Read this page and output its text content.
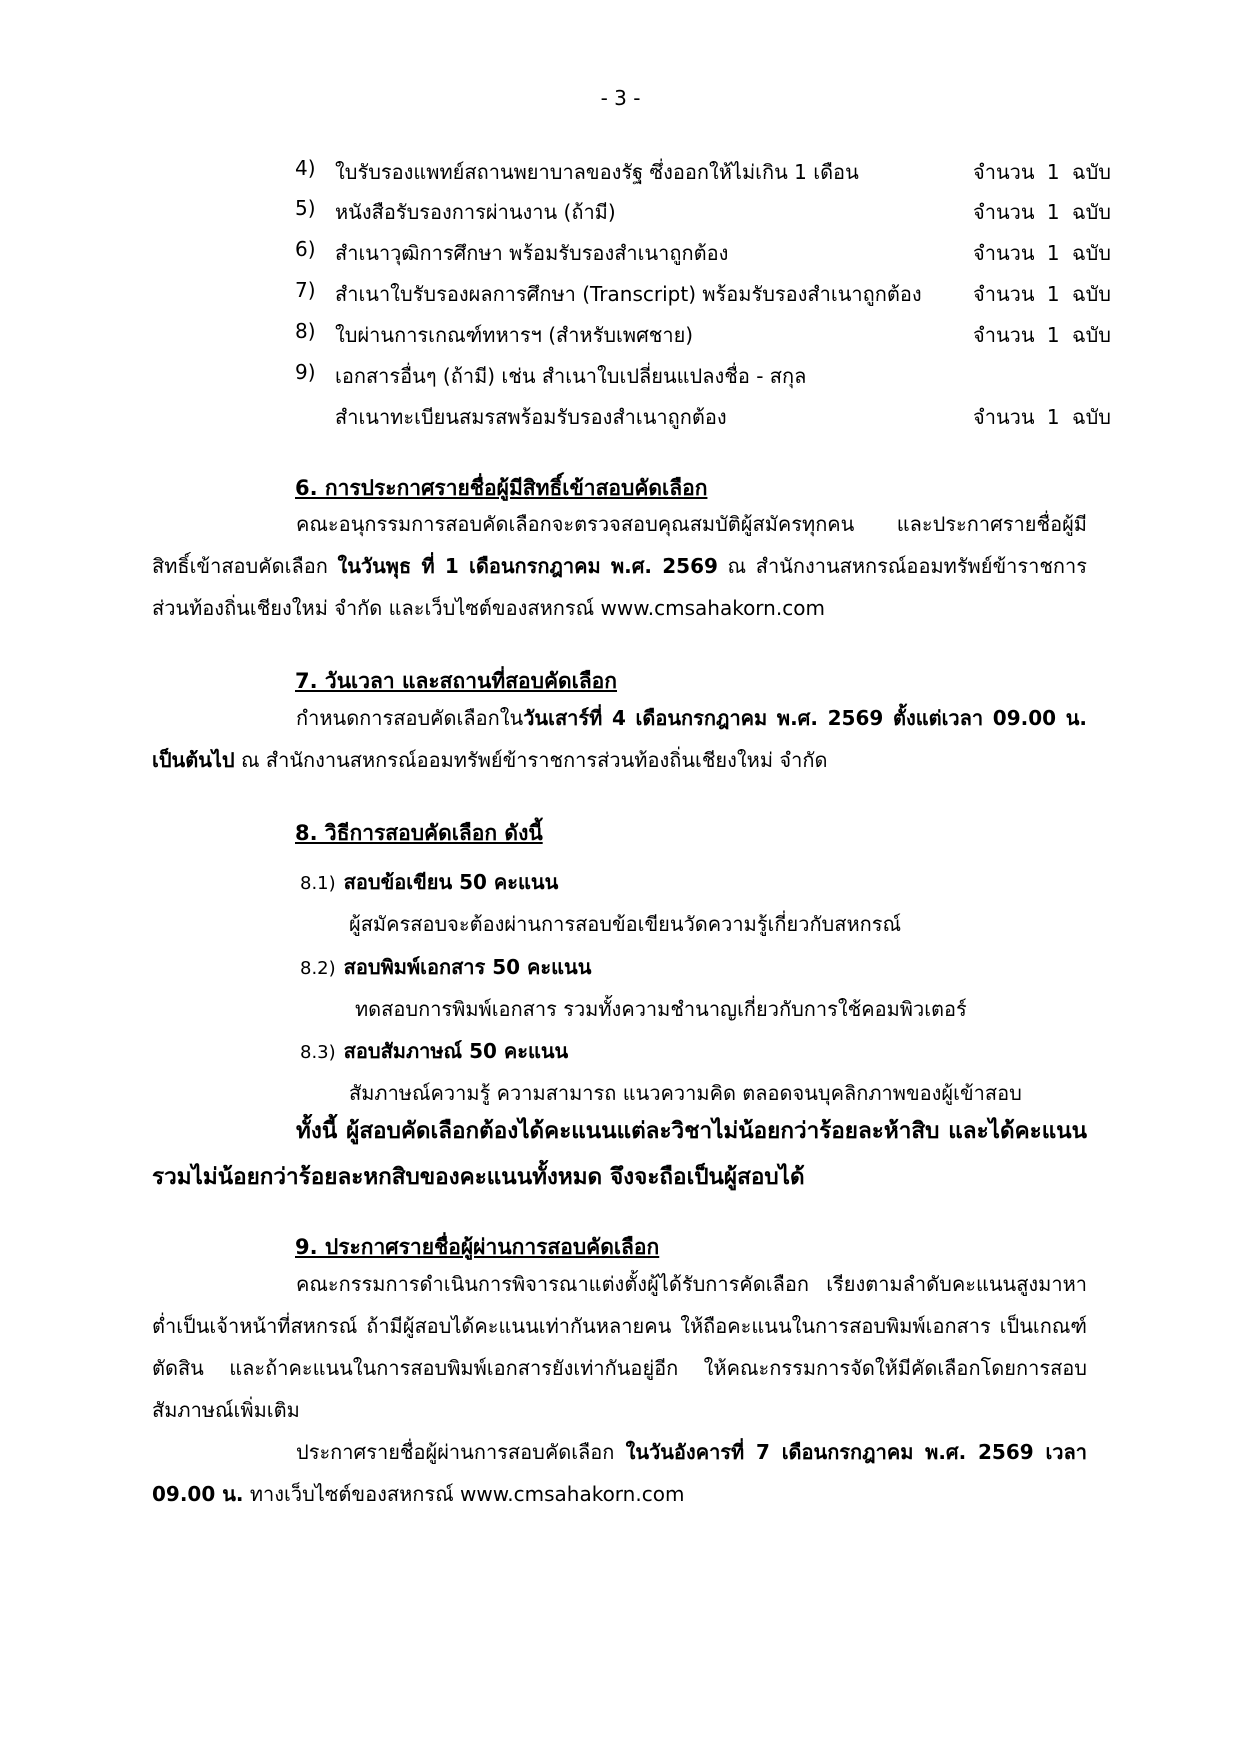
- 3 -
4) ใบรับรองแพทย์สถานพยาบาลของรัฐ ซึ่งออกให้ไม่เกิน 1 เดือน	จำนวน 1 ฉบับ
5) หนังสือรับรองการผ่านงาน (ถ้ามี)	จำนวน 1 ฉบับ
6) สำเนาวุฒิการศึกษา พร้อมรับรองสำเนาถูกต้อง	จำนวน 1 ฉบับ
7) สำเนาใบรับรองผลการศึกษา (Transcript) พร้อมรับรองสำเนาถูกต้อง	จำนวน 1 ฉบับ
8) ใบผ่านการเกณฑ์ทหารฯ (สำหรับเพศชาย)	จำนวน 1 ฉบับ
9) เอกสารอื่นๆ (ถ้ามี) เช่น สำเนาใบเปลี่ยนแปลงชื่อ - สกุล
สำเนาทะเบียนสมรสพร้อมรับรองสำเนาถูกต้อง	จำนวน 1 ฉบับ
6. การประกาศรายชื่อผู้มีสิทธิ์เข้าสอบคัดเลือก
คณะอนุกรรมการสอบคัดเลือกจะตรวจสอบคุณสมบัติผู้สมัครทุกคน และประกาศรายชื่อผู้มีสิทธิ์เข้าสอบคัดเลือก ในวันพุธ ที่ 1 เดือนกรกฎาคม พ.ศ. 2569 ณ สำนักงานสหกรณ์ออมทรัพย์ข้าราชการส่วนท้องถิ่นเชียงใหม่ จำกัด และเว็บไซต์ของสหกรณ์ www.cmsahakorn.com
7. วันเวลา และสถานที่สอบคัดเลือก
กำหนดการสอบคัดเลือกในวันเสาร์ที่ 4 เดือนกรกฎาคม พ.ศ. 2569 ตั้งแต่เวลา 09.00 น. เป็นต้นไป ณ สำนักงานสหกรณ์ออมทรัพย์ข้าราชการส่วนท้องถิ่นเชียงใหม่ จำกัด
8. วิธีการสอบคัดเลือก ดังนี้
8.1) สอบข้อเขียน 50 คะแนน
ผู้สมัครสอบจะต้องผ่านการสอบข้อเขียนวัดความรู้เกี่ยวกับสหกรณ์
8.2) สอบพิมพ์เอกสาร 50 คะแนน
ทดสอบการพิมพ์เอกสาร รวมทั้งความชำนาญเกี่ยวกับการใช้คอมพิวเตอร์
8.3) สอบสัมภาษณ์ 50 คะแนน
สัมภาษณ์ความรู้ ความสามารถ แนวความคิด ตลอดจนบุคลิกภาพของผู้เข้าสอบ
ทั้งนี้ ผู้สอบคัดเลือกต้องได้คะแนนแต่ละวิชาไม่น้อยกว่าร้อยละห้าสิบ และได้คะแนนรวมไม่น้อยกว่าร้อยละหกสิบของคะแนนทั้งหมด จึงจะถือเป็นผู้สอบได้
9. ประกาศรายชื่อผู้ผ่านการสอบคัดเลือก
คณะกรรมการดำเนินการพิจารณาแต่งตั้งผู้ได้รับการคัดเลือก เรียงตามลำดับคะแนนสูงมาหาต่ำเป็นเจ้าหน้าที่สหกรณ์ ถ้ามีผู้สอบได้คะแนนเท่ากันหลายคน ให้ถือคะแนนในการสอบพิมพ์เอกสาร เป็นเกณฑ์ตัดสิน และถ้าคะแนนในการสอบพิมพ์เอกสารยังเท่ากันอยู่อีก ให้คณะกรรมการจัดให้มีคัดเลือกโดยการสอบสัมภาษณ์เพิ่มเติม
ประกาศรายชื่อผู้ผ่านการสอบคัดเลือก ในวันอังคารที่ 7 เดือนกรกฎาคม พ.ศ. 2569 เวลา 09.00 น. ทางเว็บไซต์ของสหกรณ์ www.cmsahakorn.com
